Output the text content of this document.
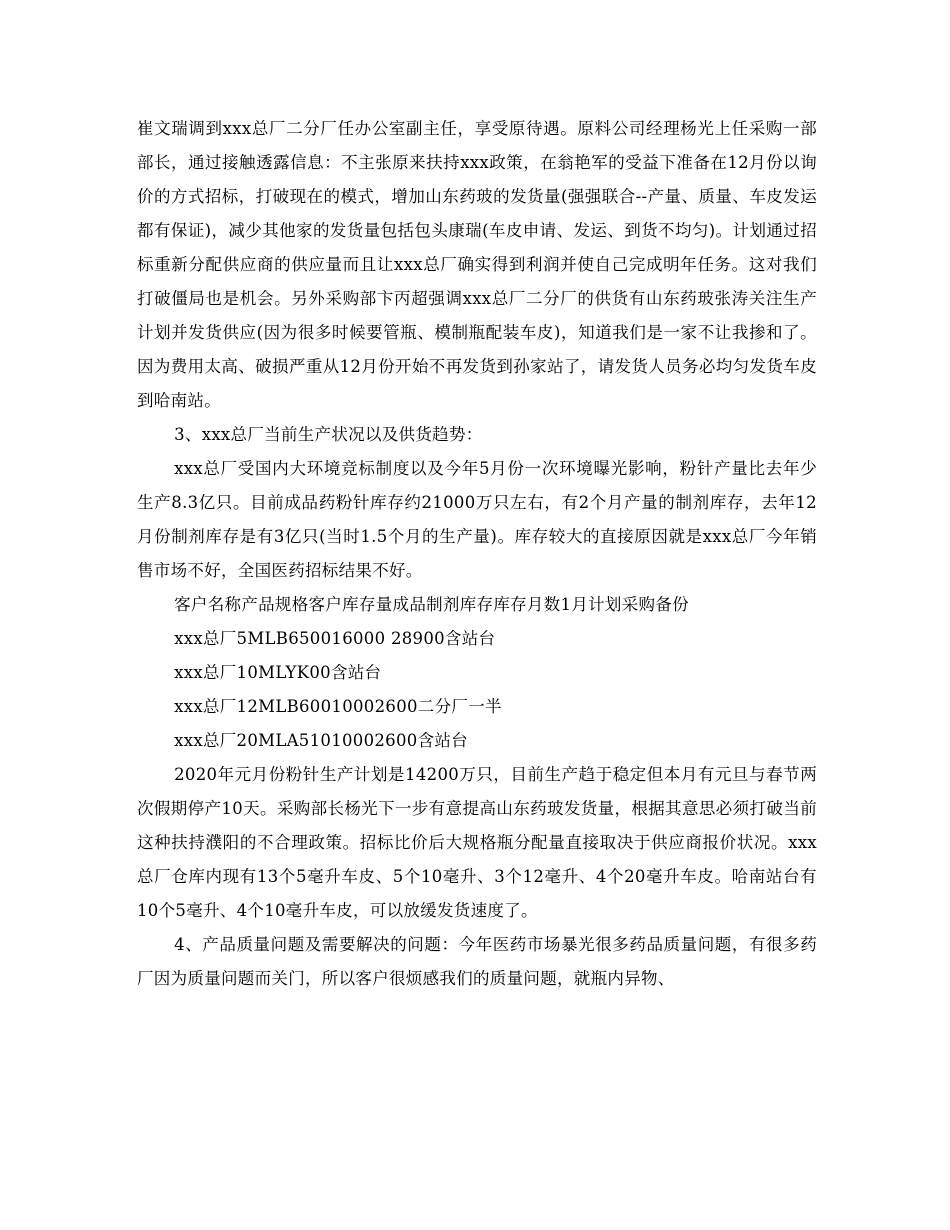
崔文瑞调到xxx总厂二分厂任办公室副主任，享受原待遇。原料公司经理杨光上任采购一部部长，通过接触透露信息：不主张原来扶持xxx政策，在翁艳军的受益下准备在12月份以询价的方式招标，打破现在的模式，增加山东药玻的发货量(强强联合--产量、质量、车皮发运都有保证)，减少其他家的发货量包括包头康瑞(车皮申请、发运、到货不均匀)。计划通过招标重新分配供应商的供应量而且让xxx总厂确实得到利润并使自己完成明年任务。这对我们打破僵局也是机会。另外采购部卞丙超强调xxx总厂二分厂的供货有山东药玻张涛关注生产计划并发货供应(因为很多时候要管瓶、模制瓶配装车皮)，知道我们是一家不让我掺和了。因为费用太高、破损严重从12月份开始不再发货到孙家站了，请发货人员务必均匀发货车皮到哈南站。

3、xxx总厂当前生产状况以及供货趋势：

xxx总厂受国内大环境竞标制度以及今年5月份一次环境曝光影响，粉针产量比去年少生产8.3亿只。目前成品药粉针库存约21000万只左右，有2个月产量的制剂库存，去年12月份制剂库存是有3亿只(当时1.5个月的生产量)。库存较大的直接原因就是xxx总厂今年销售市场不好，全国医药招标结果不好。

客户名称产品规格客户库存量成品制剂库存库存月数1月计划采购备份

xxx总厂5MLB650016000 28900含站台

xxx总厂10MLYK00含站台

xxx总厂12MLB60010002600二分厂一半

xxx总厂20MLA51010002600含站台

2020年元月份粉针生产计划是14200万只，目前生产趋于稳定但本月有元旦与春节两次假期停产10天。采购部长杨光下一步有意提高山东药玻发货量，根据其意思必须打破当前这种扶持濮阳的不合理政策。招标比价后大规格瓶分配量直接取决于供应商报价状况。xxx总厂仓库内现有13个5毫升车皮、5个10毫升、3个12毫升、4个20毫升车皮。哈南站台有10个5毫升、4个10毫升车皮，可以放缓发货速度了。

4、产品质量问题及需要解决的问题：今年医药市场暴光很多药品质量问题，有很多药厂因为质量问题而关门，所以客户很烦感我们的质量问题，就瓶内异物、
